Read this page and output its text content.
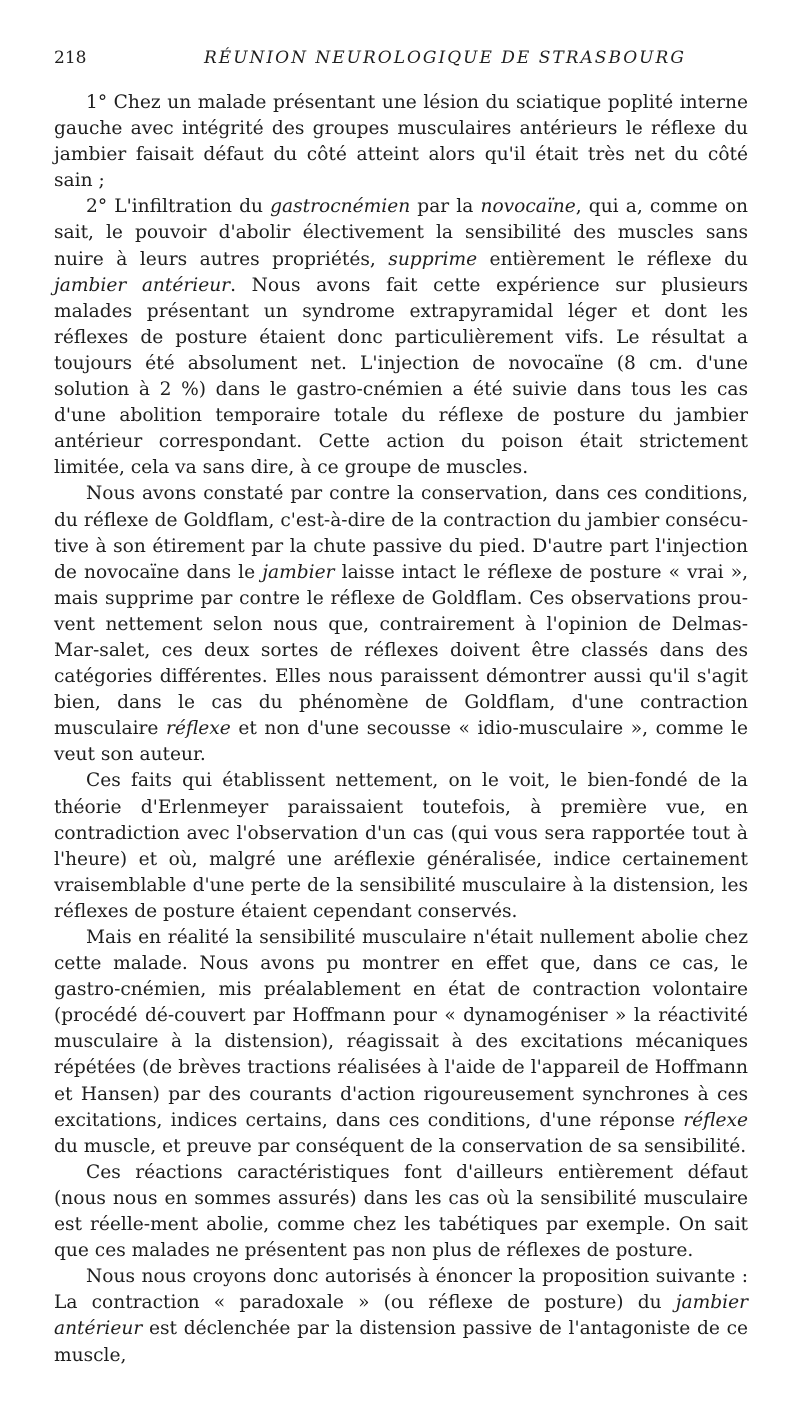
218	RÉUNION NEUROLOGIQUE DE STRASBOURG

1° Chez un malade présentant une lésion du sciatique poplité interne gauche avec intégrité des groupes musculaires antérieurs le réflexe du jambier faisait défaut du côté atteint alors qu'il était très net du côté sain ;

2° L'infiltration du gastrocnémien par la novocaïne, qui a, comme on sait, le pouvoir d'abolir électivement la sensibilité des muscles sans nuire à leurs autres propriétés, supprime entièrement le réflexe du jambier antérieur. Nous avons fait cette expérience sur plusieurs malades présentant un syndrome extrapyramidal léger et dont les réflexes de posture étaient donc particulièrement vifs. Le résultat a toujours été absolument net. L'injection de novocaïne (8 cm. d'une solution à 2 %) dans le gastro-cnémien a été suivie dans tous les cas d'une abolition temporaire totale du réflexe de posture du jambier antérieur correspondant. Cette action du poison était strictement limitée, cela va sans dire, à ce groupe de muscles.

Nous avons constaté par contre la conservation, dans ces conditions, du réflexe de Goldflam, c'est-à-dire de la contraction du jambier consécu-tive à son étirement par la chute passive du pied. D'autre part l'injection de novocaïne dans le jambier laisse intact le réflexe de posture « vrai », mais supprime par contre le réflexe de Goldflam. Ces observations prou-vent nettement selon nous que, contrairement à l'opinion de Delmas-Mar-salet, ces deux sortes de réflexes doivent être classés dans des catégories différentes. Elles nous paraissent démontrer aussi qu'il s'agit bien, dans le cas du phénomène de Goldflam, d'une contraction musculaire réflexe et non d'une secousse « idio-musculaire », comme le veut son auteur.

Ces faits qui établissent nettement, on le voit, le bien-fondé de la théorie d'Erlenmeyer paraissaient toutefois, à première vue, en contradiction avec l'observation d'un cas (qui vous sera rapportée tout à l'heure) et où, malgré une aréflexie généralisée, indice certainement vraisemblable d'une perte de la sensibilité musculaire à la distension, les réflexes de posture étaient cependant conservés.

Mais en réalité la sensibilité musculaire n'était nullement abolie chez cette malade. Nous avons pu montrer en effet que, dans ce cas, le gastro-cnémien, mis préalablement en état de contraction volontaire (procédé dé-couvert par Hoffmann pour « dynamogéniser » la réactivité musculaire à la distension), réagissait à des excitations mécaniques répétées (de brèves tractions réalisées à l'aide de l'appareil de Hoffmann et Hansen) par des courants d'action rigoureusement synchrones à ces excitations, indices certains, dans ces conditions, d'une réponse réflexe du muscle, et preuve par conséquent de la conservation de sa sensibilité.

Ces réactions caractéristiques font d'ailleurs entièrement défaut (nous nous en sommes assurés) dans les cas où la sensibilité musculaire est réelle-ment abolie, comme chez les tabétiques par exemple. On sait que ces malades ne présentent pas non plus de réflexes de posture.

Nous nous croyons donc autorisés à énoncer la proposition suivante : La contraction « paradoxale » (ou réflexe de posture) du jambier antérieur est déclenchée par la distension passive de l'antagoniste de ce muscle,
